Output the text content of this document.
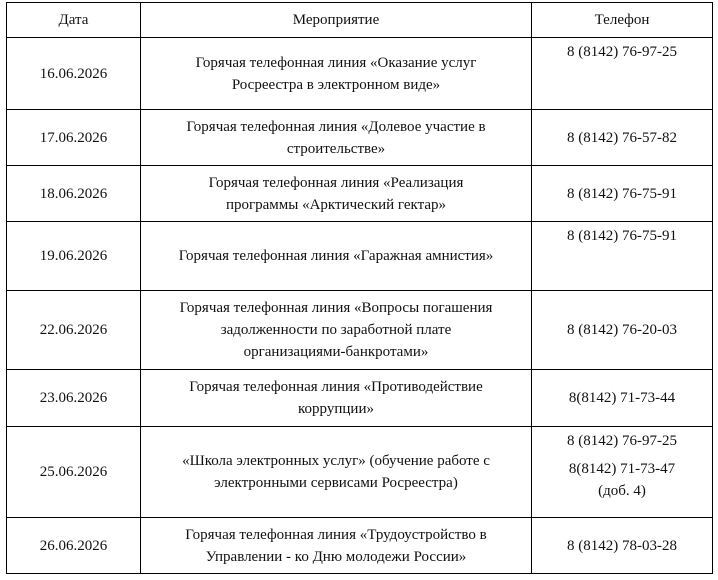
Дата	Мероприятие	Телефон
16.06.2026	Горячая телефонная линия «Оказание услуг
Росреестра в электронном виде»	8 (8142) 76-97-25

17.06.2026	Горячая телефонная линия «Долевое участие в
строительстве»	8 (8142) 76-57-82

18.06.2026	Горячая телефонная линия «Реализация
программы «Арктический гектар»	8 (8142) 76-75-91

19.06.2026	Горячая телефонная линия «Гаражная амнистия»	8 (8142) 76-75-91

22.06.2026	Горячая телефонная линия «Вопросы погашения
задолженности по заработной плате
организациями-банкротами»	8 (8142) 76-20-03

23.06.2026	Горячая телефонная линия «Противодействие
коррупции»	8(8142) 71-73-44

25.06.2026	«Школа электронных услуг» (обучение работе с
электронными сервисами Росреестра)	8 (8142) 76-97-25
8(8142) 71-73-47
(доб. 4)

26.06.2026	Горячая телефонная линия «Трудоустройство в
Управлении - ко Дню молодежи России»	8 (8142) 78-03-28
